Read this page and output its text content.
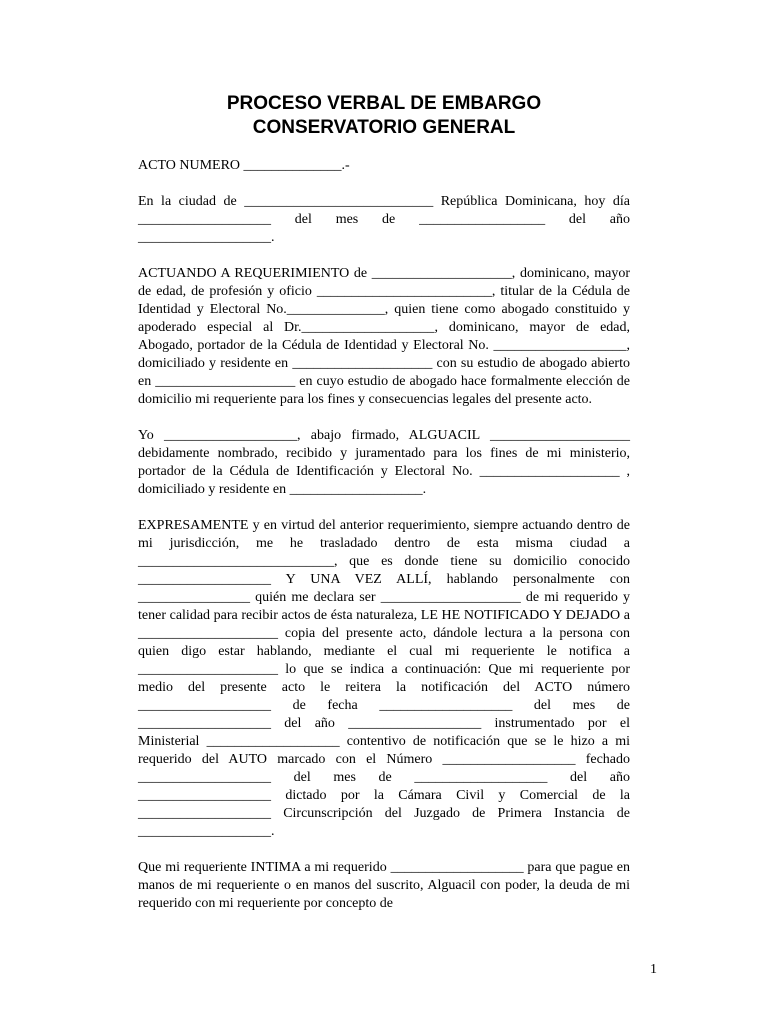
PROCESO VERBAL DE EMBARGO
CONSERVATORIO GENERAL

ACTO NUMERO ______________.-

En la ciudad de ___________________________ República Dominicana, hoy día ___________________ del mes de __________________ del año ___________________.

ACTUANDO A REQUERIMIENTO de ____________________, dominicano, mayor de edad, de profesión y oficio _________________________, titular de la Cédula de Identidad y Electoral No.______________, quien tiene como abogado constituido y apoderado especial al Dr.___________________, dominicano, mayor de edad, Abogado, portador de la Cédula de Identidad y Electoral No. ___________________, domiciliado y residente en ____________________ con su estudio de abogado abierto en ____________________ en cuyo estudio de abogado hace formalmente elección de domicilio mi requeriente para los fines y consecuencias legales del presente acto.

Yo ___________________, abajo firmado, ALGUACIL ____________________ debidamente nombrado, recibido y juramentado para los fines de mi ministerio, portador de la Cédula de Identificación y Electoral No. ____________________ , domiciliado y residente en ___________________.

EXPRESAMENTE y en virtud del anterior requerimiento, siempre actuando dentro de mi jurisdicción, me he trasladado dentro de esta misma ciudad a ____________________________, que es donde tiene su domicilio conocido ___________________ Y UNA VEZ ALLÍ, hablando personalmente con ________________ quién me declara ser ____________________ de mi requerido y tener calidad para recibir actos de ésta naturaleza, LE HE NOTIFICADO Y DEJADO a ____________________ copia del presente acto, dándole lectura a la persona con quien digo estar hablando, mediante el cual mi requeriente le notifica a ____________________ lo que se indica a continuación: Que mi requeriente por medio del presente acto le reitera la notificación del ACTO número ___________________ de fecha ___________________ del mes de ___________________ del año ___________________ instrumentado por el Ministerial ___________________ contentivo de notificación que se le hizo a mi requerido del AUTO marcado con el Número ___________________ fechado ___________________ del mes de ___________________ del año ___________________ dictado por la Cámara Civil y Comercial de la ___________________ Circunscripción del Juzgado de Primera Instancia de ___________________.

Que mi requeriente INTIMA a mi requerido ___________________ para que pague en manos de mi requeriente o en manos del suscrito, Alguacil con poder, la deuda de mi requerido con mi requeriente por concepto de

1
